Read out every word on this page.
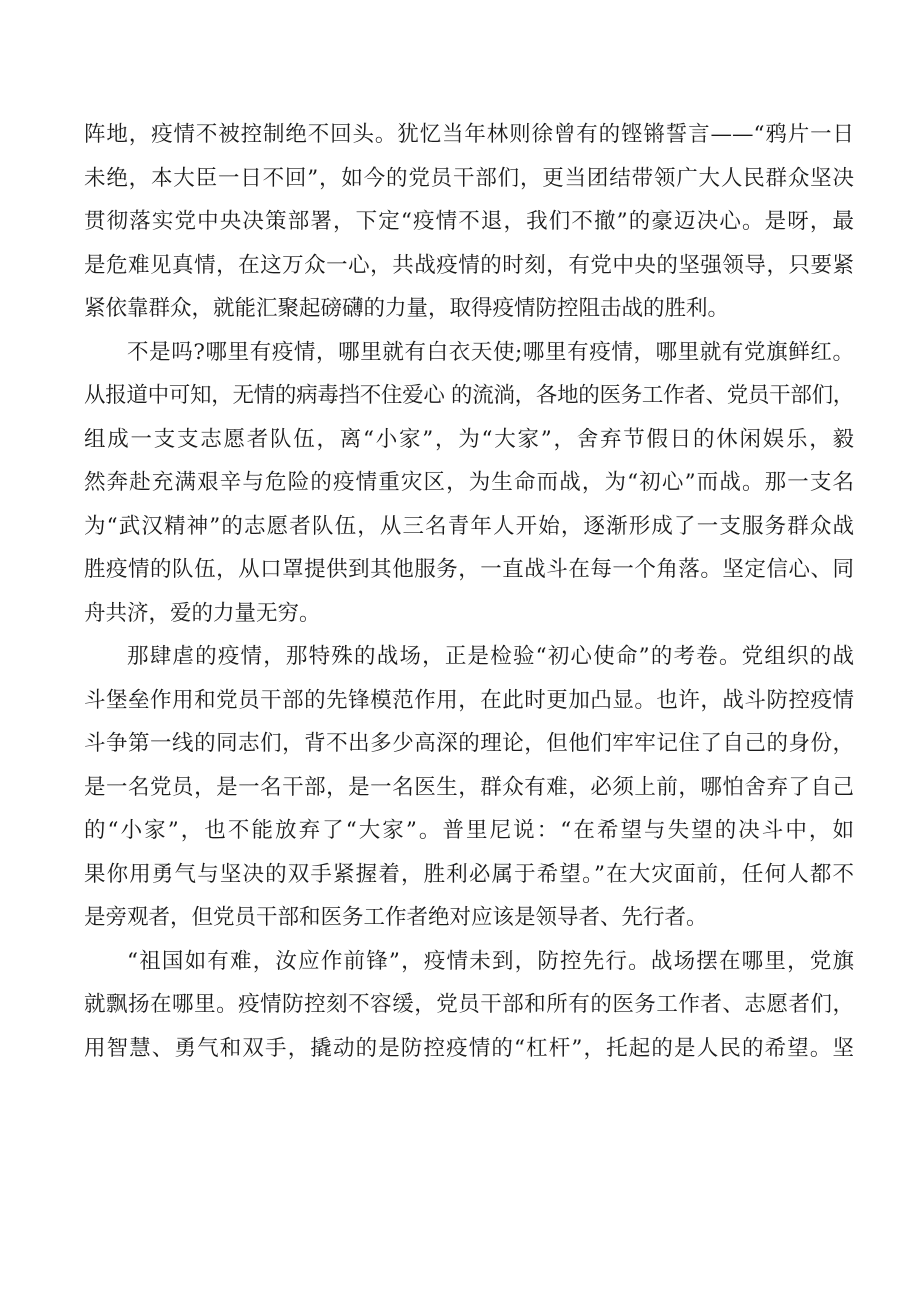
阵地，疫情不被控制绝不回头。犹忆当年林则徐曾有的铿锵誓言——“鸦片一日
未绝，本大臣一日不回”，如今的党员干部们，更当团结带领广大人民群众坚决
贯彻落实党中央决策部署，下定“疫情不退，我们不撤”的豪迈决心。是呀，最
是危难见真情，在这万众一心，共战疫情的时刻，有党中央的坚强领导，只要紧
紧依靠群众，就能汇聚起磅礴的力量，取得疫情防控阻击战的胜利。
不是吗?哪里有疫情，哪里就有白衣天使;哪里有疫情，哪里就有党旗鲜红。
从报道中可知，无情的病毒挡不住爱心 的流淌，各地的医务工作者、党员干部们，
组成一支支志愿者队伍，离“小家”，为“大家”，舍弃节假日的休闲娱乐，毅
然奔赴充满艰辛与危险的疫情重灾区，为生命而战，为“初心”而战。那一支名
为“武汉精神”的志愿者队伍，从三名青年人开始，逐渐形成了一支服务群众战
胜疫情的队伍，从口罩提供到其他服务，一直战斗在每一个角落。坚定信心、同
舟共济，爱的力量无穷。
那肆虐的疫情，那特殊的战场，正是检验“初心使命”的考卷。党组织的战
斗堡垒作用和党员干部的先锋模范作用，在此时更加凸显。也许，战斗防控疫情
斗争第一线的同志们，背不出多少高深的理论，但他们牢牢记住了自己的身份，
是一名党员，是一名干部，是一名医生，群众有难，必须上前，哪怕舍弃了自己
的“小家”，也不能放弃了“大家”。普里尼说：“在希望与失望的决斗中，如
果你用勇气与坚决的双手紧握着，胜利必属于希望。”在大灾面前，任何人都不
是旁观者，但党员干部和医务工作者绝对应该是领导者、先行者。
“祖国如有难，汝应作前锋”，疫情未到，防控先行。战场摆在哪里，党旗
就飘扬在哪里。疫情防控刻不容缓，党员干部和所有的医务工作者、志愿者们，
用智慧、勇气和双手，撬动的是防控疫情的“杠杆”，托起的是人民的希望。坚
